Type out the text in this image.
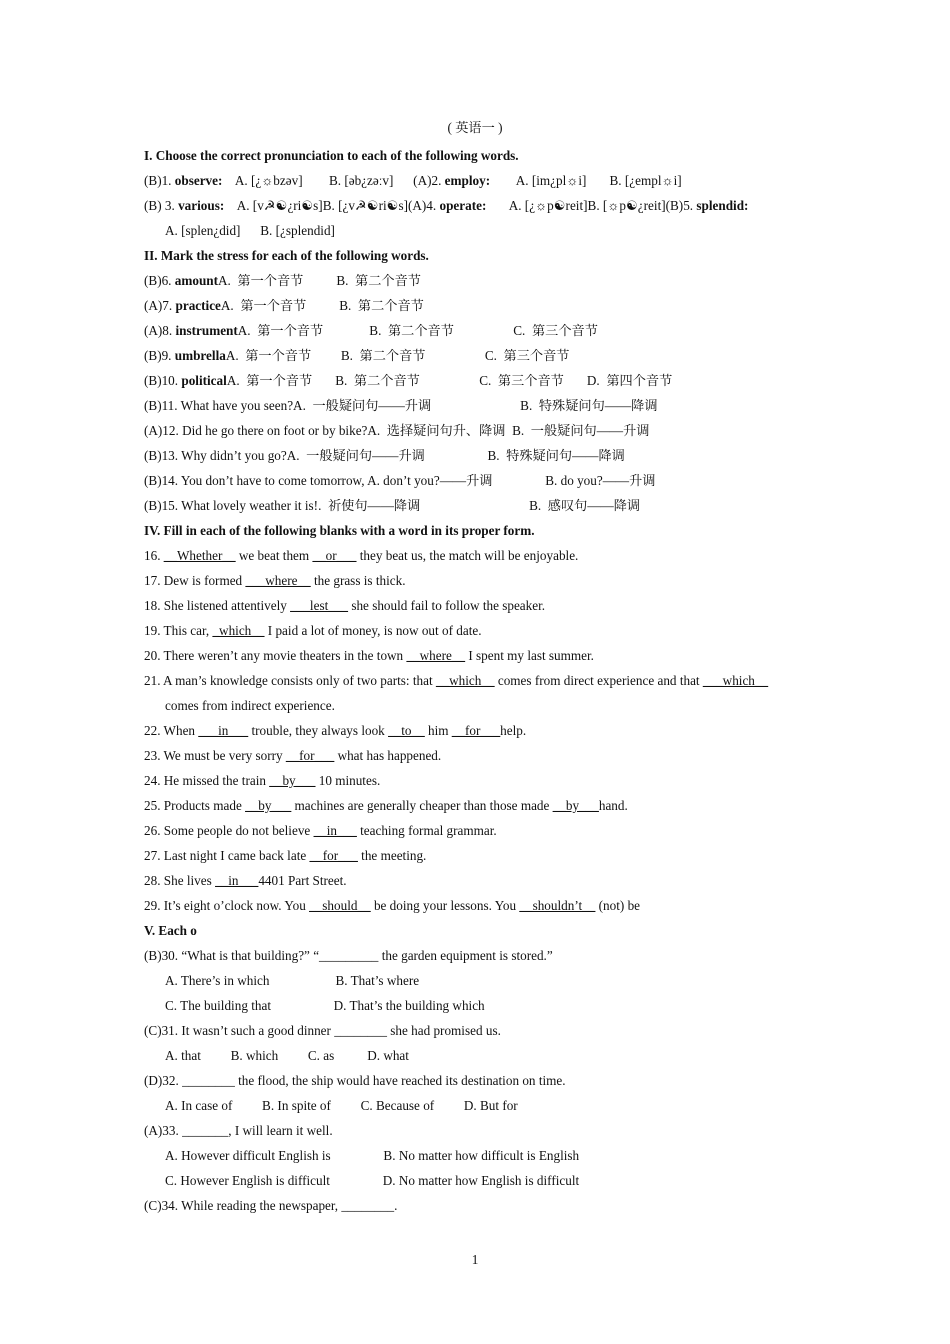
( 英语一 )
I. Choose the correct pronunciation to each of the following words.
(B)1. observe:    A. [¿☼bzəv]        B. [əb¿zəːv]      (A)2. employ:        A. [im¿pl☼i]       B. [¿empl☼i]
(B) 3. various:    A. [v☭☯¿ri☯s]B. [¿v☭☯ri☯s](A)4. operate:       A. [¿☼p☯reit]B. [☼p☯¿reit](B)5. splendid:
A. [splen¿did]      B. [¿splendid]
II. Mark the stress for each of the following words.
(B)6. amountA.  第一个音节          B.  第二个音节
(A)7. practiceA.  第一个音节          B.  第二个音节
(A)8. instrumentA.  第一个音节              B.  第二个音节                  C.  第三个音节
(B)9. umbrellaA.  第一个音节         B.  第二个音节                  C.  第三个音节
(B)10. politicalA.  第一个音节       B.  第二个音节                  C.  第三个音节       D.  第四个音节
(B)11. What have you seen?A.  一般疑问句——升调                           B.  特殊疑问句——降调
(A)12. Did he go there on foot or by bike?A.  选择疑问句升、降调  B.  一般疑问句——升调
(B)13. Why didn’t you go?A.  一般疑问句——升调                   B.  特殊疑问句——降调
(B)14. You don’t have to come tomorrow, A. don’t you?——升调                B. do you?——升调
(B)15. What lovely weather it is!.  祈使句——降调                                 B.  感叹句——降调
IV. Fill in each of the following blanks with a word in its proper form.
16. __Whether__ we beat them __or___ they beat us, the match will be enjoyable.
17. Dew is formed ___where__ the grass is thick.
18. She listened attentively ___lest___ she should fail to follow the speaker.
19. This car, _which__ I paid a lot of money, is now out of date.
20. There weren’t any movie theaters in the town __where__ I spent my last summer.
21. A man’s knowledge consists only of two parts: that __which__ comes from direct experience and that ___which__
comes from indirect experience.
22. When ___in___ trouble, they always look __to__ him __for___help.
23. We must be very sorry __for___ what has happened.
24. He missed the train __by___ 10 minutes.
25. Products made __by___ machines are generally cheaper than those made __by___hand.
26. Some people do not believe __in___ teaching formal grammar.
27. Last night I came back late __for___ the meeting.
28. She lives __in___4401 Part Street.
29. It’s eight o’clock now. You __should__ be doing your lessons. You __shouldn’t__ (not) be
V. Each o
(B)30. “What is that building?” “_________ the garden equipment is stored.”
A. There’s in which                    B. That’s where
C. The building that                   D. That’s the building which
(C)31. It wasn’t such a good dinner ________ she had promised us.
A. that         B. which         C. as          D. what
(D)32. ________ the flood, the ship would have reached its destination on time.
A. In case of         B. In spite of         C. Because of         D. But for
(A)33. _______, I will learn it well.
A. However difficult English is                B. No matter how difficult is English
C. However English is difficult                D. No matter how English is difficult
(C)34. While reading the newspaper, ________.
1
